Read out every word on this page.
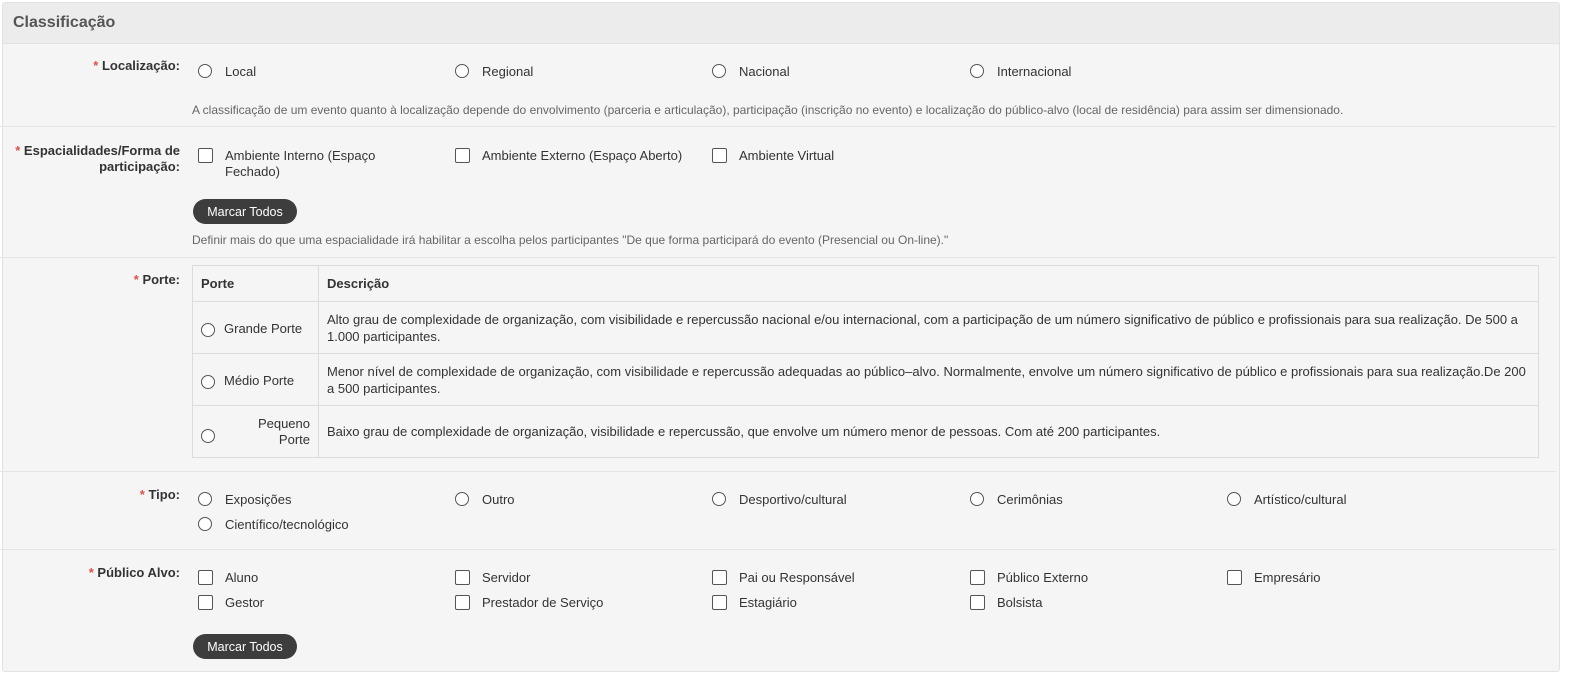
Classificação
* Localização:	Local	Regional	Nacional	Internacional
A classificação de um evento quanto à localização depende do envolvimento (parceria e articulação), participação (inscrição no evento) e localização do público-alvo (local de residência) para assim ser dimensionado.
* Espacialidades/Forma de
participação:
Ambiente Interno (Espaço
Fechado)
Ambiente Externo (Espaço Aberto)	Ambiente Virtual
Marcar Todos
Definir mais do que uma espacialidade irá habilitar a escolha pelos participantes "De que forma participará do evento (Presencial ou On-line)."
* Porte: Porte	Descrição

Grande Porte	Alto grau de complexidade de organização, com visibilidade e repercussão nacional e/ou internacional, com a participação de um número significativo de público e profissionais para sua realização. De 500 a 1.000 participantes.

Médio Porte	Menor nível de complexidade de organização, com visibilidade e repercussão adequadas ao público–alvo. Normalmente, envolve um número significativo de público e profissionais para sua realização.De 200 a 500 participantes.

Pequeno
Porte	Baixo grau de complexidade de organização, visibilidade e repercussão, que envolve um número menor de pessoas. Com até 200 participantes.
* Tipo:	Exposições	Outro	Desportivo/cultural	Cerimônias	Artístico/cultural
Científico/tecnológico
* Público Alvo:	Aluno	Servidor	Pai ou Responsável	Público Externo	Empresário
Gestor	Prestador de Serviço	Estagiário	Bolsista
Marcar Todos
